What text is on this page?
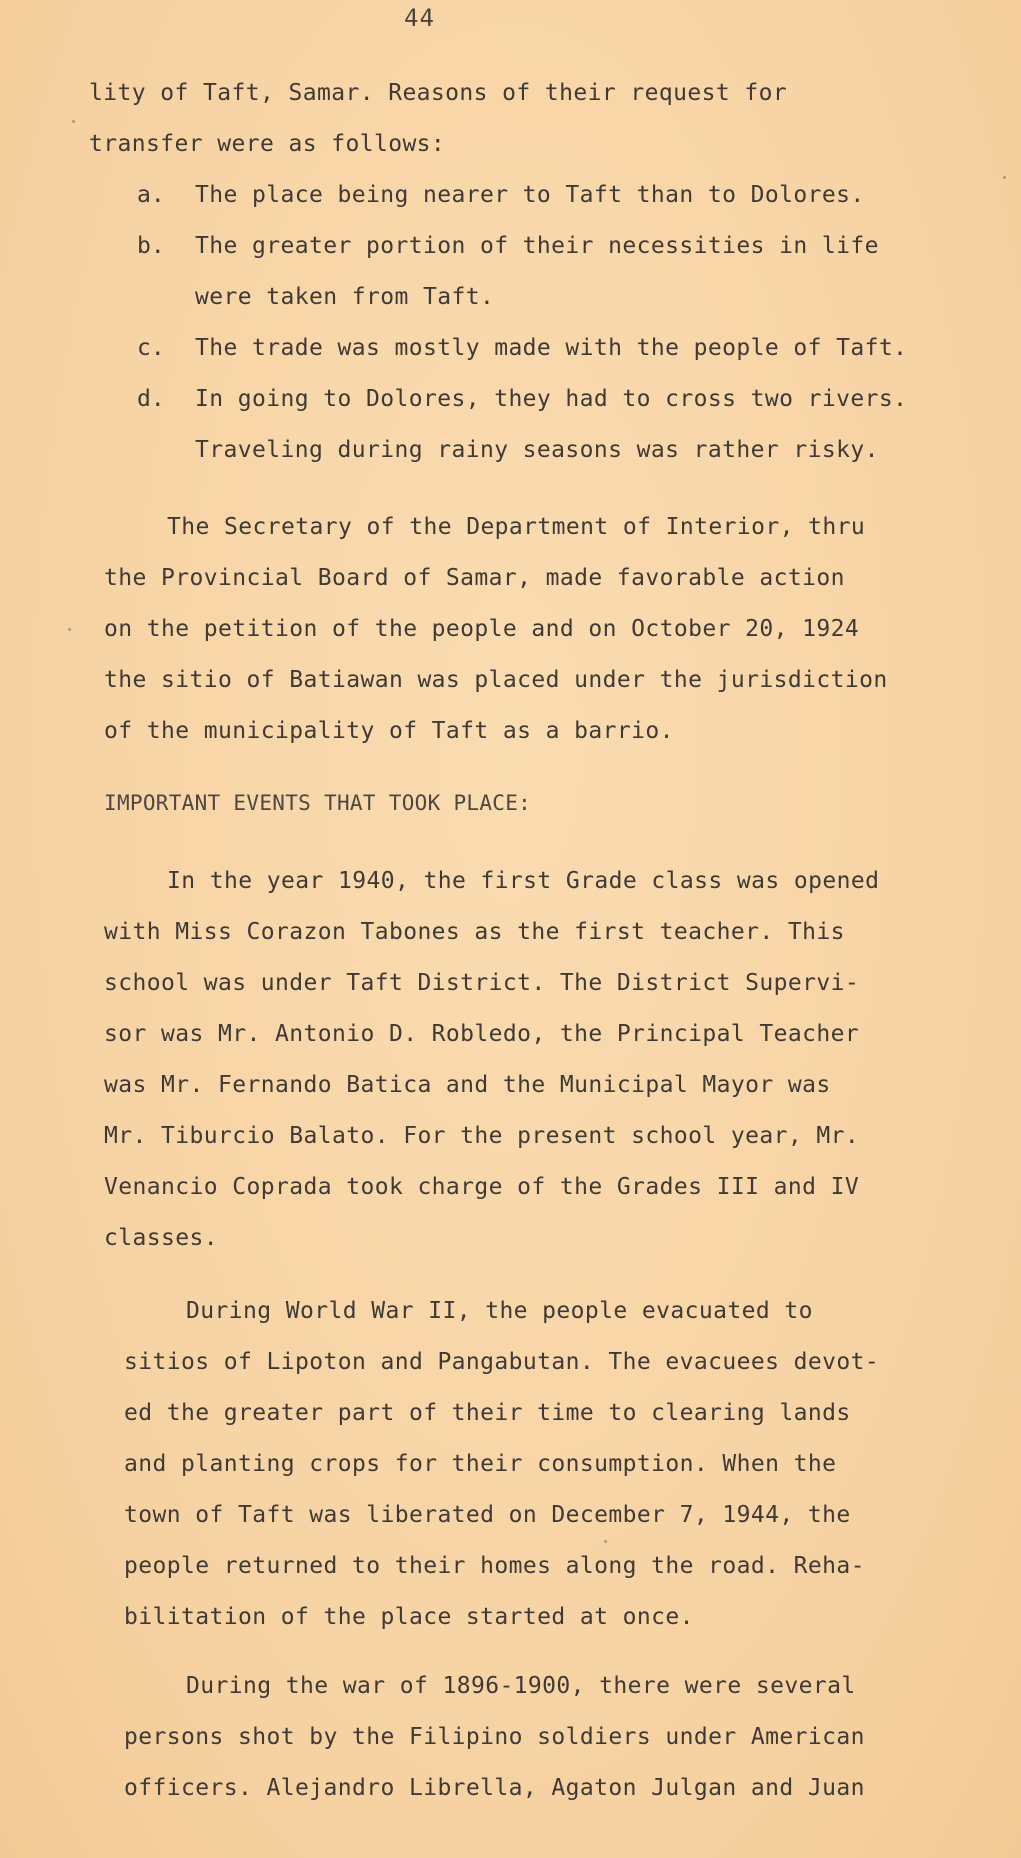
44
lity of Taft, Samar. Reasons of their request for
transfer were as follows:
a. The place being nearer to Taft than to Dolores.
b. The greater portion of their necessities in life
were taken from Taft.
c. The trade was mostly made with the people of Taft.
d. In going to Dolores, they had to cross two rivers.
Traveling during rainy seasons was rather risky.
The Secretary of the Department of Interior, thru
the Provincial Board of Samar, made favorable action
on the petition of the people and on October 20, 1924
the sitio of Batiawan was placed under the jurisdiction
of the municipality of Taft as a barrio.
IMPORTANT EVENTS THAT TOOK PLACE:
In the year 1940, the first Grade class was opened
with Miss Corazon Tabones as the first teacher. This
school was under Taft District. The District Supervi-
sor was Mr. Antonio D. Robledo, the Principal Teacher
was Mr. Fernando Batica and the Municipal Mayor was
Mr. Tiburcio Balato. For the present school year, Mr.
Venancio Coprada took charge of the Grades III and IV
classes.
During World War II, the people evacuated to
sitios of Lipoton and Pangabutan. The evacuees devot-
ed the greater part of their time to clearing lands
and planting crops for their consumption. When the
town of Taft was liberated on December 7, 1944, the
people returned to their homes along the road. Reha-
bilitation of the place started at once.
During the war of 1896-1900, there were several
persons shot by the Filipino soldiers under American
officers. Alejandro Librella, Agaton Julgan and Juan
